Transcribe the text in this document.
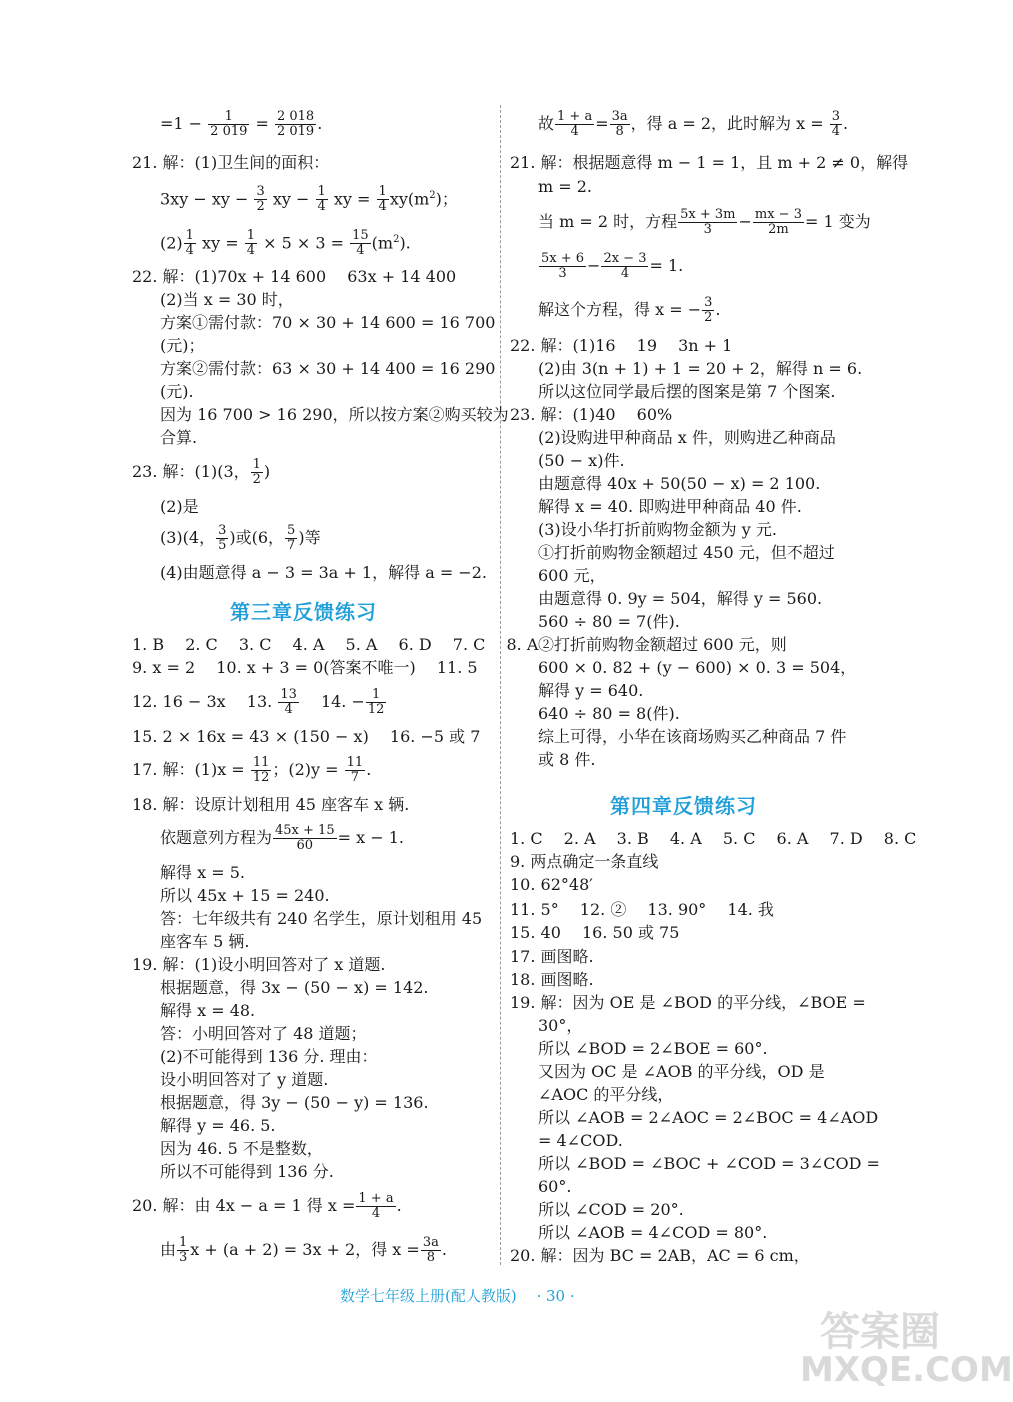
$=1 - \frac{1}{2 019} = \frac{2 018}{2 019}$ .
21. 解：(1)卫生间的面积：
3xy − xy − $\frac{3}{2}$ xy − $\frac{1}{4}$ xy = $\frac{1}{4} xy(m^2)$；
$(2) \frac{1}{4}$ xy = $\frac{1}{4} \times 5 \times 3 = \frac{15}{4} (m^2)$.
22. 解：(1)70x + 14 600　 63x + 14 400
(2)当 x = 30 时，
方案①需付款：70 × 30 + 14 600 = 16 700
(元)；
方案②需付款：63 × 30 + 14 400 = 16 290
(元).
因为 16 700 > 16 290，所以按方案②购买较为
合算.
23. 解：(1)(3， $\frac{1}{2}$ )
(2)是
(3)(4， $\frac{3}{5}$ )或(6， $\frac{5}{7}$ )等
(4)由题意得 a − 3 = 3a + 1，解得 a = −2.
第三章反馈练习
1. B　 2. C　 3. C　 4. A　 5. A　 6. D　 7. C　 8. A
9. x = 2　 10. x + 3 = 0(答案不唯一)　 11. 5
12. 16 − 3x　 13. $\frac{13}{4}$ 　 14. − $\frac{1}{12}$
15. 2 × 16x = 43 × (150 − x)　 16. −5 或 7
17. 解：$(1)x = \frac{11}{12}$ ；$(2)y = \frac{11}{7}$ .
18. 解：设原计划租用 45 座客车 x 辆.
依题意列方程为 $\frac{45x + 15}{60} = x - 1$.
解得 x = 5.
所以 45x + 15 = 240.
答：七年级共有 240 名学生，原计划租用 45
座客车 5 辆.
19. 解：(1)设小明回答对了 x 道题.
根据题意，得 3x − (50 − x) = 142.
解得 x = 48.
答：小明回答对了 48 道题；
(2)不可能得到 136 分. 理由：
设小明回答对了 y 道题.
根据题意，得 3y − (50 − y) = 136.
解得 y = 46. 5.
因为 46. 5 不是整数，
所以不可能得到 136 分.
20. 解：由 4x − a = 1 得 $x = \frac{1 + a}{4}$ .
由 $\frac{1}{3}$ x + (a + 2) = 3x + 2，得 $x = \frac{3a}{8}$ .
故 $\frac{1 + a}{4} = \frac{3a}{8}$ ，得 a = 2，此时解为 $x = \frac{3}{4}$ .
21. 解：根据题意得 m − 1 = 1，且 m + 2 ≠ 0，解得
m = 2.
当 m = 2 时，方程 $\frac{5x + 3m}{3} - \frac{mx - 3}{2m} = 1$ 变为
$\frac{5x + 6}{3} - \frac{2x - 3}{4} = 1$.
解这个方程，得 x = − $\frac{3}{2}$ .
22. 解：(1)16　 19　 3n + 1
(2)由 3(n + 1) + 1 = 20 + 2，解得 n = 6.
所以这位同学最后摆的图案是第 7 个图案.
23. 解：(1)40　 60%
(2)设购进甲种商品 x 件，则购进乙种商品
(50 − x)件.
由题意得 40x + 50(50 − x) = 2 100.
解得 x = 40. 即购进甲种商品 40 件.
(3)设小华打折前购物金额为 y 元.
①打折前购物金额超过 450 元，但不超过
600 元，
由题意得 0. 9y = 504，解得 y = 560.
560 ÷ 80 = 7(件).
②打折前购物金额超过 600 元，则
600 × 0. 82 + (y − 600) × 0. 3 = 504，
解得 y = 640.
640 ÷ 80 = 8(件).
综上可得，小华在该商场购买乙种商品 7 件
或 8 件.
第四章反馈练习
1. C　 2. A　 3. B　 4. A　 5. C　 6. A　 7. D　 8. C
9. 两点确定一条直线
10. 62°48′
11. 5°　 12. ②　 13. 90°　 14. 我
15. 40　 16. 50 或 75
17. 画图略.
18. 画图略.
19. 解：因为 OE 是 ∠BOD 的平分线，∠BOE =
30°，
所以 ∠BOD = 2∠BOE = 60°.
又因为 OC 是 ∠AOB 的平分线，OD 是
∠AOC 的平分线，
所以 ∠AOB = 2∠AOC = 2∠BOC = 4∠AOD
= 4∠COD.
所以 ∠BOD = ∠BOC + ∠COD = 3∠COD =
60°.
所以 ∠COD = 20°.
所以 ∠AOB = 4∠COD = 80°.
20. 解：因为 BC = 2AB，AC = 6 cm，
数学七年级上册(配人教版)　 · 30 ·
答案圈
MXQE.COM
